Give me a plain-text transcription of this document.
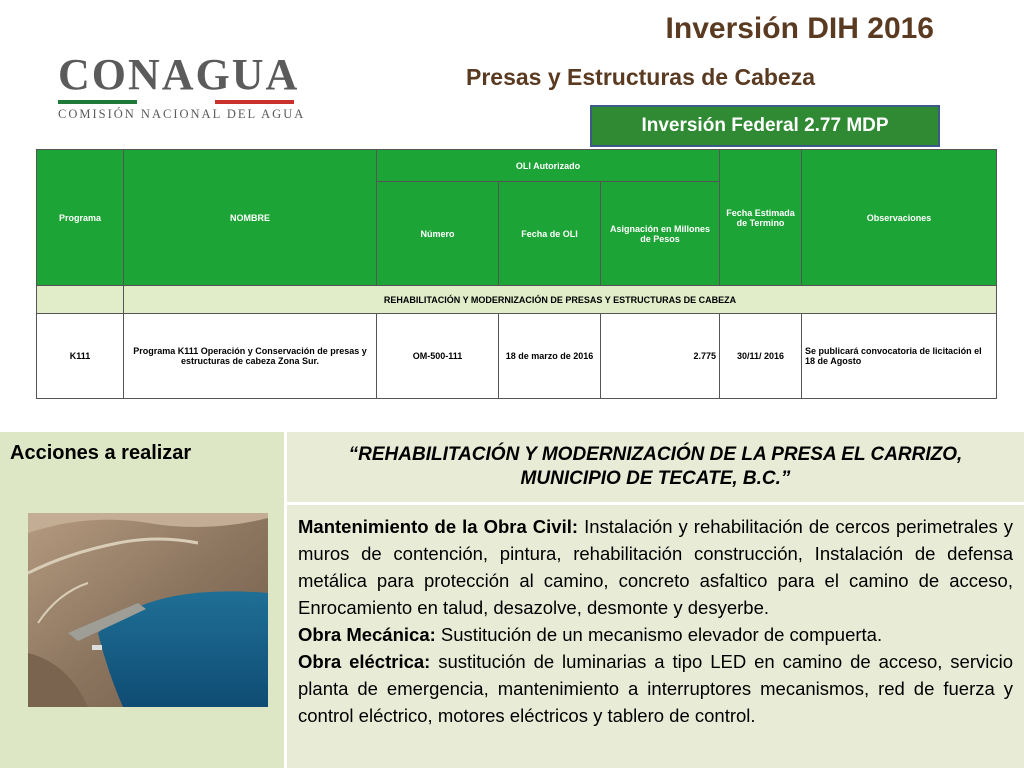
CONAGUA
COMISIÓN NACIONAL DEL AGUA
Inversión DIH 2016
Presas y Estructuras de Cabeza
Inversión Federal 2.77 MDP
Programa	NOMBRE	OLI Autorizado			Fecha Estimada de Termino	Observaciones
		Número	Fecha de OLI	Asignación en Millones de Pesos		
	REHABILITACIÓN Y MODERNIZACIÓN DE PRESAS Y ESTRUCTURAS DE CABEZA					
K111	Programa K111 Operación y Conservación de presas y estructuras de cabeza Zona Sur.	OM-500-111	18 de marzo de 2016	2.775	30/11/ 2016	Se publicará convocatoria de licitación el 18 de Agosto
Acciones a realizar	“REHABILITACIÓN Y MODERNIZACIÓN DE LA PRESA EL CARRIZO, MUNICIPIO DE TECATE, B.C.”

Mantenimiento de la Obra Civil: Instalación y rehabilitación de cercos perimetrales y muros de contención, pintura, rehabilitación construcción, Instalación de defensa metálica para protección al camino, concreto asfaltico para el camino de acceso, Enrocamiento en talud, desazolve, desmonte y desyerbe.

Obra Mecánica: Sustitución de un mecanismo elevador de compuerta.

Obra eléctrica: sustitución de luminarias a tipo LED en camino de acceso, servicio planta de emergencia, mantenimiento a interruptores mecanismos, red de fuerza y control eléctrico, motores eléctricos y tablero de control.
